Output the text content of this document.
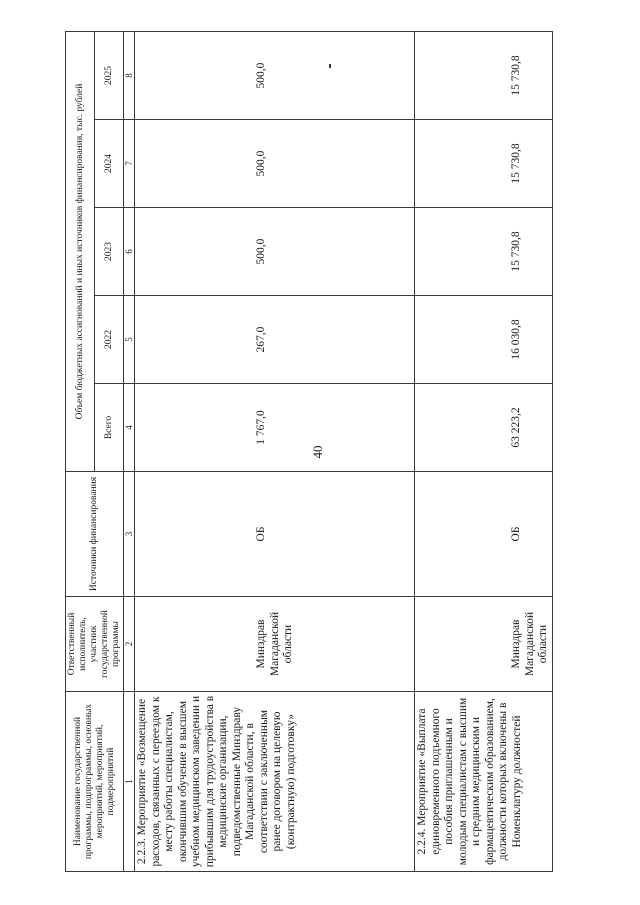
40
Наименование государственной программы, подпрограммы, основных мероприятий, мероприятий, подмероприятий	Ответственный исполнитель, участник государственной программы	Источники финансирования	Объем бюджетных ассигнований и иных источников финансирования, тыс. рублей				
			Всего	2022	2023	2024	2025
1	2	3	4	5	6	7	8
2.2.3. Мероприятие «Возмещение расходов, связанных с переездом к месту работы специалистам, окончившим обучение в высшем учебном медицинском заведении и прибывшим для трудоустройства в медицинские организации, подведомственные Минздраву Магаданской области, в соответствии с заключенным ранее договором на целевую (контрактную) подготовку»	Минздрав Магаданской области	ОБ	1 767,0	267,0	500,0	500,0	500,0
2.2.4. Мероприятие «Выплата единовременного подъемного пособия приглашенным и молодым специалистам с высшим и средним медицинским и фармацевтическим образованием, должности которых включены в Номенклатуру должностей	Минздрав Магаданской области	ОБ	63 223,2	16 030,8	15 730,8	15 730,8	15 730,8
